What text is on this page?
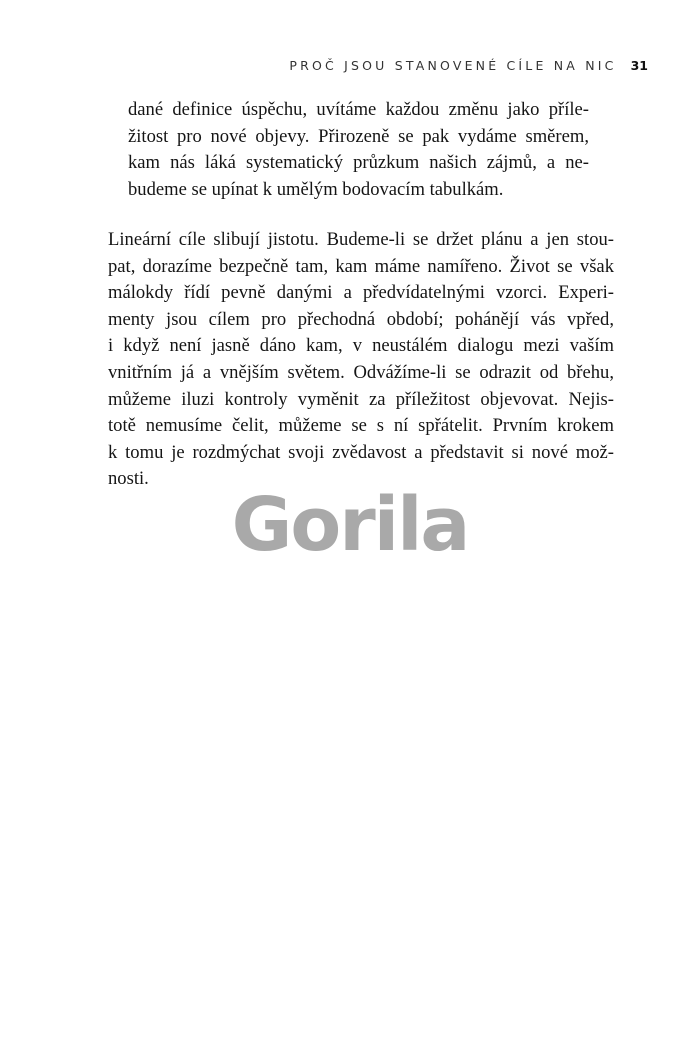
PROČ JSOU STANOVENÉ CÍLE NA NIC 31
dané definice úspěchu, uvítáme každou změnu jako příle-
žitost pro nové objevy. Přirozeně se pak vydáme směrem,
kam nás láká systematický průzkum našich zájmů, a ne-
budeme se upínat k umělým bodovacím tabulkám.
Lineární cíle slibují jistotu. Budeme-li se držet plánu a jen stou-
pat, dorazíme bezpečně tam, kam máme namířeno. Život se však
málokdy řídí pevně danými a předvídatelnými vzorci. Experi-
menty jsou cílem pro přechodná období; pohánějí vás vpřed,
i když není jasně dáno kam, v neustálém dialogu mezi vaším
vnitřním já a vnějším světem. Odvážíme-li se odrazit od břehu,
můžeme iluzi kontroly vyměnit za příležitost objevovat. Nejis-
totě nemusíme čelit, můžeme se s ní spřátelit. Prvním krokem
k tomu je rozdmýchat svoji zvědavost a představit si nové mož-
nosti.
Gorila
